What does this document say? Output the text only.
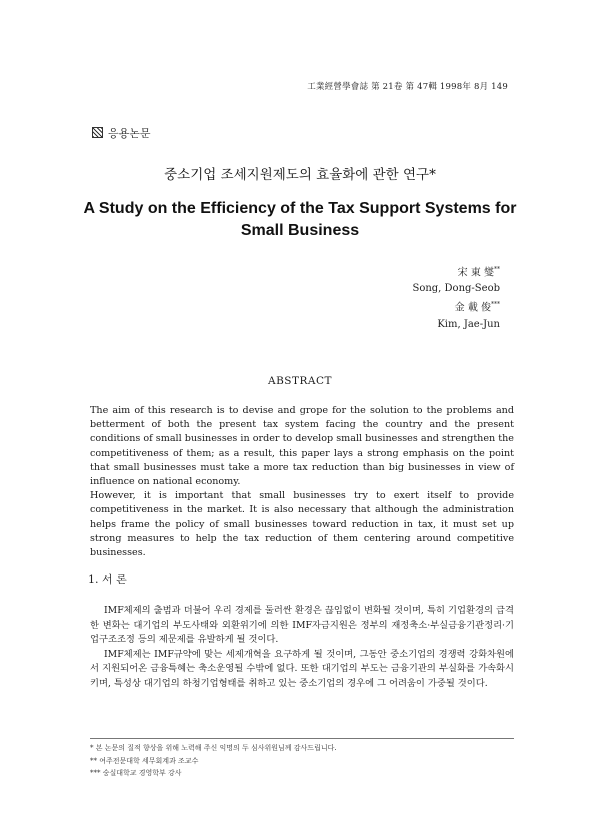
工業經營學會誌 第 21卷 第 47輯 1998年 8月 149
응용논문
중소기업 조세지원제도의 효율화에 관한 연구*
A Study on the Efficiency of the Tax Support Systems for Small Business
宋 東 燮**
Song, Dong-Seob
金 載 俊***
Kim, Jae-Jun
ABSTRACT

The aim of this research is to devise and grope for the solution to the problems and betterment of both the present tax system facing the country and the present conditions of small businesses in order to develop small businesses and strengthen the competitiveness of them; as a result, this paper lays a strong emphasis on the point that small businesses must take a more tax reduction than big businesses in view of influence on national economy.

However, it is important that small businesses try to exert itself to provide competitiveness in the market. It is also necessary that although the administration helps frame the policy of small businesses toward reduction in tax, it must set up strong measures to help the tax reduction of them centering around competitive businesses.

1. 서 론

IMF체제의 출범과 더불어 우리 경제를 둘러싼 환경은 끊임없이 변화될 것이며, 특히 기업환경의 급격한 변화는 대기업의 부도사태와 외환위기에 의한 IMF자금지원은 정부의 재정축소·부실금융기관정리·기업구조조정 등의 제문제를 유발하게 될 것이다.

IMF체제는 IMF규약에 맞는 세제개혁을 요구하게 될 것이며, 그동안 중소기업의 경쟁력 강화차원에서 지원되어온 금융특혜는 축소운영될 수밖에 없다. 또한 대기업의 부도는 금융기관의 부실화를 가속화시키며, 특성상 대기업의 하청기업형태를 취하고 있는 중소기업의 경우에 그 어려움이 가중될 것이다.

* 본 논문의 질적 향상을 위해 노력해 주신 익명의 두 심사위원님께 감사드립니다.
** 여주전문대학 세무회계과 조교수
*** 숭실대학교 경영학부 강사
